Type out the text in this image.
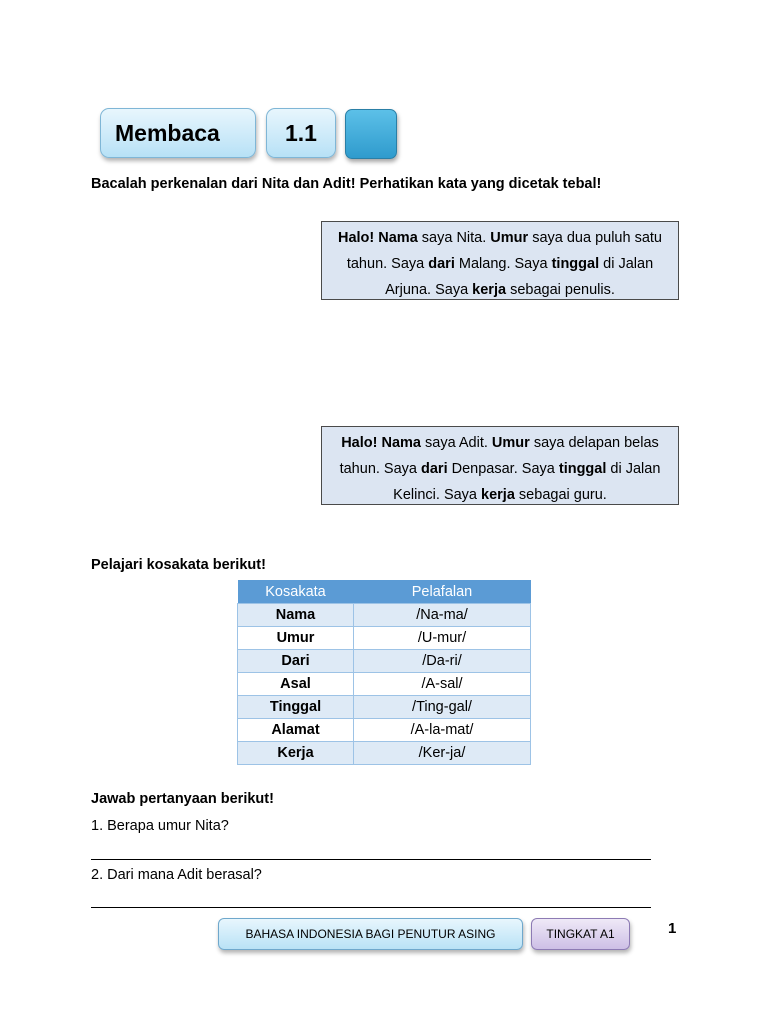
Membaca	1.1
Bacalah perkenalan dari Nita dan Adit! Perhatikan kata yang dicetak tebal!
Halo! Nama saya Nita. Umur saya dua puluh satu tahun. Saya dari Malang. Saya tinggal di Jalan Arjuna. Saya kerja sebagai penulis.
Halo! Nama saya Adit. Umur saya delapan belas tahun. Saya dari Denpasar. Saya tinggal di Jalan Kelinci. Saya kerja sebagai guru.
Pelajari kosakata berikut!
Kosakata	Pelafalan
Nama	/Na-ma/
Umur	/U-mur/
Dari	/Da-ri/
Asal	/A-sal/
Tinggal	/Ting-gal/
Alamat	/A-la-mat/
Kerja	/Ker-ja/
Jawab pertanyaan berikut!
1. Berapa umur Nita?
2. Dari mana Adit berasal?
BAHASA INDONESIA BAGI PENUTUR ASING	TINGKAT A1	1
